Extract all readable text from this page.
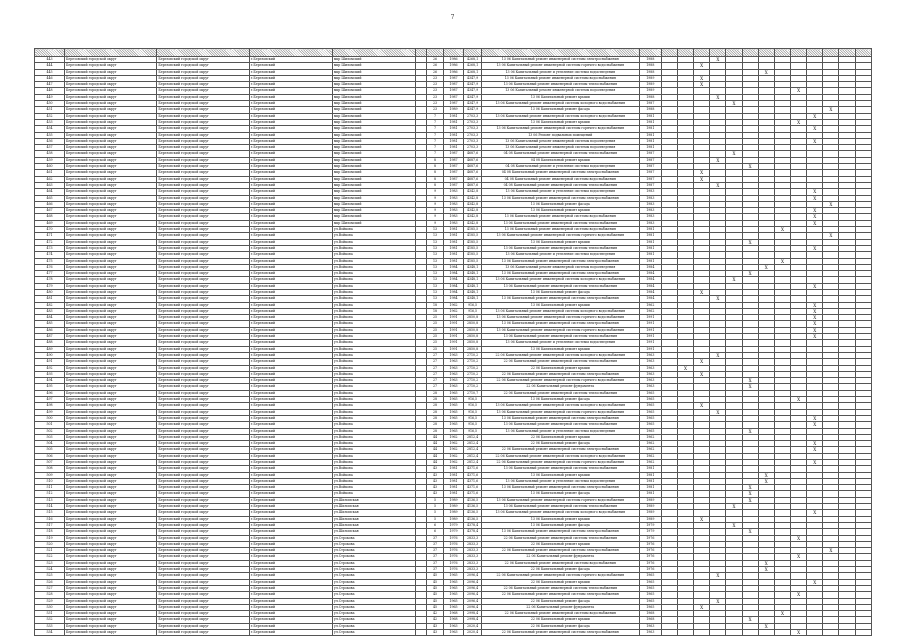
7

443	Березовский городской округ	Березовский городской округ	г.Березовский	мкр Шиломский		26	1986	4268,1	13 06 Капитальный ремонт инженерной системы электроснабжения	1988				X									
444	Березовский городской округ	Березовский городской округ	г.Березовский	мкр Шиломский		26	1986	4268,1	13 06 Капитальный ремонт инженерной системы горячего водоснабжения	1988			X										
445	Березовский городской округ	Березовский городской округ	г.Березовский	мкр Шиломский		26	1986	4268,1	13 06 Капитальный ремонт и утепление системы водоотведения	1988							X						
446	Березовский городской округ	Березовский городской округ	г.Березовский	мкр Шиломский		23	1987	4347,9	13 06 Капитальный ремонт инженерной системы водоснабжения	1989			X										
447	Березовский городской округ	Березовский городской округ	г.Березовский	мкр Шиломский		23	1987	4347,9	13 06 Капитальный ремонт инженерной системы теплоснабжения	1989			X										
448	Березовский городской округ	Березовский городской округ	г.Березовский	мкр Шиломский		23	1987	4347,9	13 06 Капитальный ремонт инженерной системы водоотведения	1989									X				
449	Березовский городской округ	Березовский городской округ	г.Березовский	мкр Шиломский		23	1987	4347,9	13 06 Капитальный ремонт крыши	1988				X									
450	Березовский городской округ	Березовский городской округ	г.Березовский	мкр Шиломский		23	1987	4347,9	13 06 Капитальный ремонт инженерной системы холодного водоснабжения	1987					X								
451	Березовский городской округ	Березовский городской округ	г.Березовский	мкр Шиломский		23	1989	4347,9	13 06 Капитальный ремонт фасада	1988											X		
452	Березовский городской округ	Березовский городской округ	г.Березовский	мкр Шиломский		7	1981	2703,3	13 06 Капитальный ремонт инженерной системы холодного водоснабжения	1981										X			
453	Березовский городской округ	Березовский городской округ	г.Березовский	мкр Шиломский		7	1981	2703,3	13 06 Капитальный ремонт крыши	1981									X				
454	Березовский городской округ	Березовский городской округ	г.Березовский	мкр Шиломский		7	1981	2703,3	13 06 Капитальный ремонт инженерной системы горячего водоснабжения	1981										X			
455	Березовский городской округ	Березовский городской округ	г.Березовский	мкр Шиломский		7	1981	2703,3	13 06 Ремонт подвальных помещений	1981													
456	Березовский городской округ	Березовский городской округ	г.Березовский	мкр Шиломский		7	1981	2703,3	13 06 Капитальный ремонт инженерной системы водоотведения	1981										X			
457	Березовский городской округ	Березовский городской округ	г.Березовский	мкр Шиломский		7	1981	2703,3	13 06 Капитальный ремонт инженерной системы водоотведения	1981													
458	Березовский городской округ	Березовский городской округ	г.Березовский	мкр Шиломский		7	1987	4687,6	04 08 Капитальный ремонт инженерной системы теплоснабжения	1987					X								
459	Березовский городской округ	Березовский городской округ	г.Березовский	мкр Шиломский		8	1987	4687,6	04 08 Капитальный ремонт крыши	1987				X									
460	Березовский городской округ	Березовский городской округ	г.Березовский	мкр Шиломский		8	1987	4687,6	04 08 Капитальный ремонт и утепление системы водоотведения	1987						X							
461	Березовский городской округ	Березовский городской округ	г.Березовский	мкр Шиломский		8	1987	4687,6	04 08 Капитальный ремонт инженерной системы электроснабжения	1987			X										
462	Березовский городской округ	Березовский городской округ	г.Березовский	мкр Шиломский		8	1987	4687,6	04 08 Капитальный ремонт инженерной системы водоснабжения	1987			X										
463	Березовский городской округ	Березовский городской округ	г.Березовский	мкр Шиломский		8	1987	4687,6	04 08 Капитальный ремонт инженерной системы теплоснабжения	1987				X									
464	Березовский городской округ	Березовский городской округ	г.Березовский	мкр Шиломский		9	1983	4342,8	13 06 Капитальный ремонт и утепление системы водоотведения	1983										X			
465	Березовский городской округ	Березовский городской округ	г.Березовский	мкр Шиломский		9	1983	4342,8	13 06 Капитальный ремонт инженерной системы электроснабжения	1983										X			
466	Березовский городской округ	Березовский городской округ	г.Березовский	мкр Шиломский		9	1983	4342,8	13 06 Капитальный ремонт фасада	1983											X		
467	Березовский городской округ	Березовский городской округ	г.Березовский	мкр Шиломский		9	1983	4342,8	13 06 Капитальный ремонт крыши	1983										X			
468	Березовский городской округ	Березовский городской округ	г.Березовский	мкр Шиломский		9	1983	4342,8	13 06 Капитальный ремонт инженерной системы водоснабжения	1983										X			
469	Березовский городской округ	Березовский городской округ	г.Березовский	мкр Шиломский		9	1983	4342,8	13 06 Капитальный ремонт инженерной системы теплоснабжения	1983										X			
470	Березовский городской округ	Березовский городской округ	г.Березовский	ул.Войкова		13	1981	4185,5	13 06 Капитальный ремонт инженерной системы водоснабжения	1981								X					
471	Березовский городской округ	Березовский городской округ	г.Березовский	ул.Войкова		13	1981	4185,5	13 06 Капитальный ремонт инженерной системы горячего водоснабжения	1981											X		
472	Березовский городской округ	Березовский городской округ	г.Березовский	ул.Войкова		13	1981	4185,5	13 06 Капитальный ремонт крыши	1981						X							
473	Березовский городской округ	Березовский городской округ	г.Березовский	ул.Войкова		13	1981	4185,5	13 06 Капитальный ремонт инженерной системы теплоснабжения	1981										X			
474	Березовский городской округ	Березовский городской округ	г.Березовский	ул.Войкова		13	1981	4185,5	13 06 Капитальный ремонт и утепление системы водоотведения	1981													
475	Березовский городской округ	Березовский городской округ	г.Березовский	ул.Войкова		13	1981	4185,5	13 06 Капитальный ремонт инженерной системы электроснабжения	1981								X					
476	Березовский городской округ	Березовский городской округ	г.Березовский	ул.Войкова		13	1984	4348,1	13 06 Капитальный ремонт инженерной системы водоотведения	1984							X						
477	Березовский городской округ	Березовский городской округ	г.Березовский	ул.Войкова		13	1984	4348,1	13 06 Капитальный ремонт инженерной системы электроснабжения	1984						X							
478	Березовский городской округ	Березовский городской округ	г.Березовский	ул.Войкова		13	1984	4348,1	13 06 Капитальный ремонт инженерной системы холодного водоснабжения	1984					X								
479	Березовский городской округ	Березовский городской округ	г.Березовский	ул.Войкова		13	1984	4348,1	13 06 Капитальный ремонт инженерной системы теплоснабжения	1984										X			
480	Березовский городской округ	Березовский городской округ	г.Березовский	ул.Войкова		13	1984	4348,1	13 06 Капитальный ремонт фасада	1984			X										
481	Березовский городской округ	Березовский городской округ	г.Березовский	ул.Войкова		13	1984	4348,1	13 06 Капитальный ремонт инженерной системы электроснабжения	1984				X									
482	Березовский городской округ	Березовский городской округ	г.Березовский	ул.Войкова		18	1962	916,5	13 06 Капитальный ремонт крыши	1962										X			
483	Березовский городской округ	Березовский городской округ	г.Березовский	ул.Войкова		18	1962	916,5	13 06 Капитальный ремонт инженерной системы холодного водоснабжения	1962										X			
484	Березовский городской округ	Березовский городской округ	г.Березовский	ул.Войкова		25	1991	2850,8	13 06 Капитальный ремонт инженерной системы горячего водоснабжения	1991										X			
485	Березовский городской округ	Березовский городской округ	г.Березовский	ул.Войкова		25	1991	2850,8	13 06 Капитальный ремонт инженерной системы электроснабжения	1991										X			
486	Березовский городской округ	Березовский городской округ	г.Березовский	ул.Войкова		25	1991	2850,8	13 06 Капитальный ремонт инженерной системы горячего водоснабжения	1991										X			
487	Березовский городской округ	Березовский городской округ	г.Березовский	ул.Войкова		25	1991	2850,8	13 06 Капитальный ремонт инженерной системы теплоснабжения	1991										X			
488	Березовский городской округ	Березовский городской округ	г.Березовский	ул.Войкова		25	1991	2850,8	13 06 Капитальный ремонт и утепление системы водоотведения	1991													
489	Березовский городской округ	Березовский городской округ	г.Березовский	ул.Войкова		25	1991	2850,8	13 06 Капитальный ремонт крыши	1991													
490	Березовский городской округ	Березовский городской округ	г.Березовский	ул.Войкова		27	1963	2710,2	22 06 Капитальный ремонт инженерной системы холодного водоснабжения	1963				X									
491	Березовский городской округ	Березовский городской округ	г.Березовский	ул.Войкова		27	1963	2710,2	22 06 Капитальный ремонт инженерной системы теплоснабжения	1963			X										
492	Березовский городской округ	Березовский городской округ	г.Березовский	ул.Войкова		27	1963	2710,2	22 06 Капитальный ремонт крыши	1963		X											
493	Березовский городской округ	Березовский городской округ	г.Березовский	ул.Войкова		27	1963	2710,2	22 06 Капитальный ремонт инженерной системы электроснабжения	1963			X										
494	Березовский городской округ	Березовский городской округ	г.Березовский	ул.Войкова		27	1963	2710,2	22 06 Капитальный ремонт инженерной системы горячего водоснабжения	1963						X							
495	Березовский городской округ	Березовский городской округ	г.Березовский	ул.Войкова		27	1963	2710,2	22 06 Капитальный ремонт фундамента	1963						X							
496	Березовский городской округ	Березовский городской округ	г.Березовский	ул.Войкова		28	1965	2710,7	22 06 Капитальный ремонт инженерной системы теплоснабжения	1965													
497	Березовский городской округ	Березовский городской округ	г.Березовский	ул.Войкова		28	1965	916,5	13 06 Капитальный ремонт фасада	1965									X				
498	Березовский городской округ	Березовский городской округ	г.Березовский	ул.Войкова		28	1965	916,5	13 06 Капитальный ремонт инженерной системы холодного водоснабжения	1965			X										
499	Березовский городской округ	Березовский городской округ	г.Березовский	ул.Войкова		28	1965	916,5	13 06 Капитальный ремонт инженерной системы горячего водоснабжения	1965				X									
500	Березовский городской округ	Березовский городской округ	г.Березовский	ул.Войкова		28	1965	916,5	13 06 Капитальный ремонт инженерной системы электроснабжения	1965										X			
501	Березовский городской округ	Березовский городской округ	г.Березовский	ул.Войкова		28	1965	916,5	13 06 Капитальный ремонт инженерной системы теплоснабжения	1965										X			
502	Березовский городской округ	Березовский городской округ	г.Березовский	ул.Войкова		28	1965	916,5	13 06 Капитальный ремонт и утепление системы водоотведения	1965						X							
503	Березовский городской округ	Березовский городской округ	г.Березовский	ул.Войкова		44	1962	2812,4	22 06 Капитальный ремонт крыши	1962													
504	Березовский городской округ	Березовский городской округ	г.Березовский	ул.Войкова		44	1962	2812,4	22 06 Капитальный ремонт фасада	1962										X			
505	Березовский городской округ	Березовский городской округ	г.Березовский	ул.Войкова		44	1962	2812,4	22 06 Капитальный ремонт инженерной системы электроснабжения	1962										X			
506	Березовский городской округ	Березовский городской округ	г.Березовский	ул.Войкова		44	1962	2812,4	22 06 Капитальный ремонт инженерной системы холодного водоснабжения	1962													
507	Березовский городской округ	Березовский городской округ	г.Березовский	ул.Войкова		44	1962	2812,4	22 06 Капитальный ремонт инженерной системы горячего водоснабжения	1962										X			
508	Березовский городской округ	Березовский городской округ	г.Березовский	ул.Войкова		43	1981	4371,6	13 06 Капитальный ремонт инженерной системы теплоснабжения	1981													
509	Березовский городской округ	Березовский городской округ	г.Березовский	ул.Войкова		43	1981	4371,6	13 06 Капитальный ремонт крыши	1981							X						
510	Березовский городской округ	Березовский городской округ	г.Березовский	ул.Войкова		43	1981	4371,6	13 06 Капитальный ремонт и утепление системы водоотведения	1981							X						
511	Березовский городской округ	Березовский городской округ	г.Березовский	ул.Войкова		43	1981	4371,6	13 06 Капитальный ремонт инженерной системы электроснабжения	1981						X							
512	Березовский городской округ	Березовский городской округ	г.Березовский	ул.Войкова		43	1981	4371,6	13 06 Капитальный ремонт фасада	1981						X							
513	Березовский городской округ	Березовский городской округ	г.Березовский	ул.Шиломская		5	1989	4136,5	13 06 Капитальный ремонт инженерной системы горячего водоснабжения	1989						X							
514	Березовский городской округ	Березовский городской округ	г.Березовский	ул.Шиломская		5	1989	4136,5	13 06 Капитальный ремонт инженерной системы теплоснабжения	1989					X								
515	Березовский городской округ	Березовский городской округ	г.Березовский	ул.Шиломская		5	1989	4136,5	13 06 Капитальный ремонт инженерной системы холодного водоснабжения	1989										X			
516	Березовский городской округ	Березовский городской округ	г.Березовский	ул.Шиломская		5	1989	4136,5	13 06 Капитальный ремонт крыши	1989			X										
517	Березовский городской округ	Березовский городской округ	г.Березовский	ул.Шиломская		6	1979	4378,4	13 06 Капитальный ремонт фасада	1979					X								
518	Березовский городской округ	Березовский городской округ	г.Березовский	ул.Шиломская		6	1979	4378,4	13 06 Капитальный ремонт инженерной системы электроснабжения	1979						X							
519	Березовский городской округ	Березовский городской округ	г.Березовский	ул.Строкова		37	1976	2833,3	22 06 Капитальный ремонт инженерной системы теплоснабжения	1976									X				
520	Березовский городской округ	Березовский городской округ	г.Березовский	ул.Строкова		37	1976	2833,3	22 06 Капитальный ремонт крыши	1976													
521	Березовский городской округ	Березовский городской округ	г.Березовский	ул.Строкова		37	1976	2833,3	22 06 Капитальный ремонт инженерной системы электроснабжения	1976											X		
522	Березовский городской округ	Березовский городской округ	г.Березовский	ул.Строкова		37	1976	2833,3	22 06 Капитальный ремонт фундамента	1976									X				
523	Березовский городской округ	Березовский городской округ	г.Березовский	ул.Строкова		37	1976	2833,3	22 06 Капитальный ремонт инженерной системы водоснабжения	1976							X						
524	Березовский городской округ	Березовский городской округ	г.Березовский	ул.Строкова		37	1976	2833,3	22 06 Капитальный ремонт фасада	1976							X						
525	Березовский городской округ	Березовский городской округ	г.Березовский	ул.Строкова		45	1965	2096,4	22 06 Капитальный ремонт инженерной системы горячего водоснабжения	1965				X									
526	Березовский городской округ	Березовский городской округ	г.Березовский	ул.Строкова		45	1965	2096,4	22 06 Капитальный ремонт крыши	1965										X			
527	Березовский городской округ	Березовский городской округ	г.Березовский	ул.Строкова		45	1965	2096,4	22 06 Капитальный ремонт инженерной системы теплоснабжения	1965													
528	Березовский городской округ	Березовский городской округ	г.Березовский	ул.Строкова		45	1965	2096,4	22 06 Капитальный ремонт инженерной системы электроснабжения	1965									X				
529	Березовский городской округ	Березовский городской округ	г.Березовский	ул.Строкова		45	1965	2096,4	22 06 Капитальный ремонт фасада	1965				X									
530	Березовский городской округ	Березовский городской округ	г.Березовский	ул.Строкова		45	1965	2096,4	22 06 Капитальный ремонт фундамента	1965			X										
531	Березовский городской округ	Березовский городской округ	г.Березовский	ул.Строкова		42	1968	2998,4	22 06 Капитальный ремонт инженерной системы водоснабжения	1968								X					
532	Березовский городской округ	Березовский городской округ	г.Березовский	ул.Строкова		42	1968	2998,4	22 06 Капитальный ремонт крыши	1968						X							
533	Березовский городской округ	Березовский городской округ	г.Березовский	ул.Строкова		43	1963	2020,4	22 06 Капитальный ремонт фасада	1963							X						
534	Березовский городской округ	Березовский городской округ	г.Березовский	ул.Строкова		43	1963	2020,4	22 06 Капитальный ремонт инженерной системы электроснабжения	1963									X				
